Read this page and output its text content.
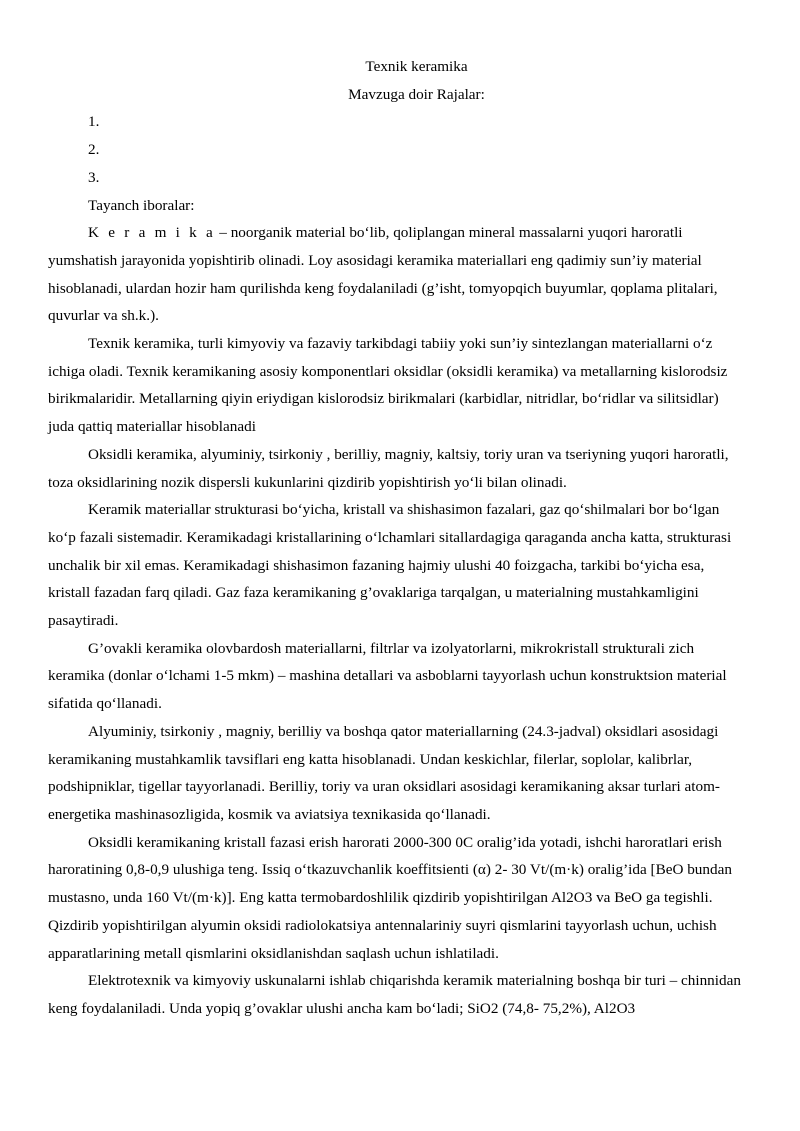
Texnik keramika

Mavzuga doir Rajalar:

1.

2.

3.

Tayanch iboralar:

K e r a m i k a – noorganik material bo‘lib, qoliplangan mineral massalarni yuqori haroratli yumshatish jarayonida yopishtirib olinadi. Loy asosidagi keramika materiallari eng qadimiy sun’iy material hisoblanadi, ulardan hozir ham qurilishda keng foydalaniladi (g’isht, tomyopqich buyumlar, qoplama plitalari, quvurlar va sh.k.).

Texnik keramika, turli kimyoviy va fazaviy tarkibdagi tabiiy yoki sun’iy sintezlangan materiallarni o‘z ichiga oladi. Texnik keramikaning asosiy komponentlari oksidlar (oksidli keramika) va metallarning kislorodsiz birikmalaridir. Metallarning qiyin eriydigan kislorodsiz birikmalari (karbidlar, nitridlar, bo‘ridlar va silitsidlar) juda qattiq materiallar hisoblanadi

Oksidli keramika, alyuminiy, tsirkoniy , berilliy, magniy, kaltsiy, toriy uran va tseriyning yuqori haroratli, toza oksidlarining nozik dispersli kukunlarini qizdirib yopishtirish yo‘li bilan olinadi.

Keramik materiallar strukturasi bo‘yicha, kristall va shishasimon fazalari, gaz qo‘shilmalari bor bo‘lgan ko‘p fazali sistemadir. Keramikadagi kristallarining o‘lchamlari sitallardagiga qaraganda ancha katta, strukturasi unchalik bir xil emas. Keramikadagi shishasimon fazaning hajmiy ulushi 40 foizgacha, tarkibi bo‘yicha esa, kristall fazadan farq qiladi. Gaz faza keramikaning g’ovaklariga tarqalgan, u materialning mustahkamligini pasaytiradi.

G’ovakli keramika olovbardosh materiallarni, filtrlar va izolyatorlarni, mikrokristall strukturali zich keramika (donlar o‘lchami 1-5 mkm) – mashina detallari va asboblarni tayyorlash uchun konstruktsion material sifatida qo‘llanadi.

Alyuminiy, tsirkoniy , magniy, berilliy va boshqa qator materiallarning (24.3-jadval) oksidlari asosidagi keramikaning mustahkamlik tavsiflari eng katta hisoblanadi. Undan keskichlar, filerlar, soplolar, kalibrlar, podshipniklar, tigellar tayyorlanadi. Berilliy, toriy va uran oksidlari asosidagi keramikaning aksar turlari atom-energetika mashinasozligida, kosmik va aviatsiya texnikasida qo‘llanadi.

Oksidli keramikaning kristall fazasi erish harorati 2000-300 0C oralig’ida yotadi, ishchi haroratlari erish haroratining 0,8-0,9 ulushiga teng. Issiq o‘tkazuvchanlik koeffitsienti (α) 2- 30 Vt/(m·k) oralig’ida [BeO bundan mustasno, unda 160 Vt/(m·k)]. Eng katta termobardoshlilik qizdirib yopishtirilgan Al2O3 va BeO ga tegishli. Qizdirib yopishtirilgan alyumin oksidi radiolokatsiya antennalariniy suyri qismlarini tayyorlash uchun, uchish apparatlarining metall qismlarini oksidlanishdan saqlash uchun ishlatiladi.

Elektrotexnik va kimyoviy uskunalarni ishlab chiqarishda keramik materialning boshqa bir turi – chinnidan keng foydalaniladi. Unda yopiq g’ovaklar ulushi ancha kam bo‘ladi; SiO2 (74,8- 75,2%), Al2O3
